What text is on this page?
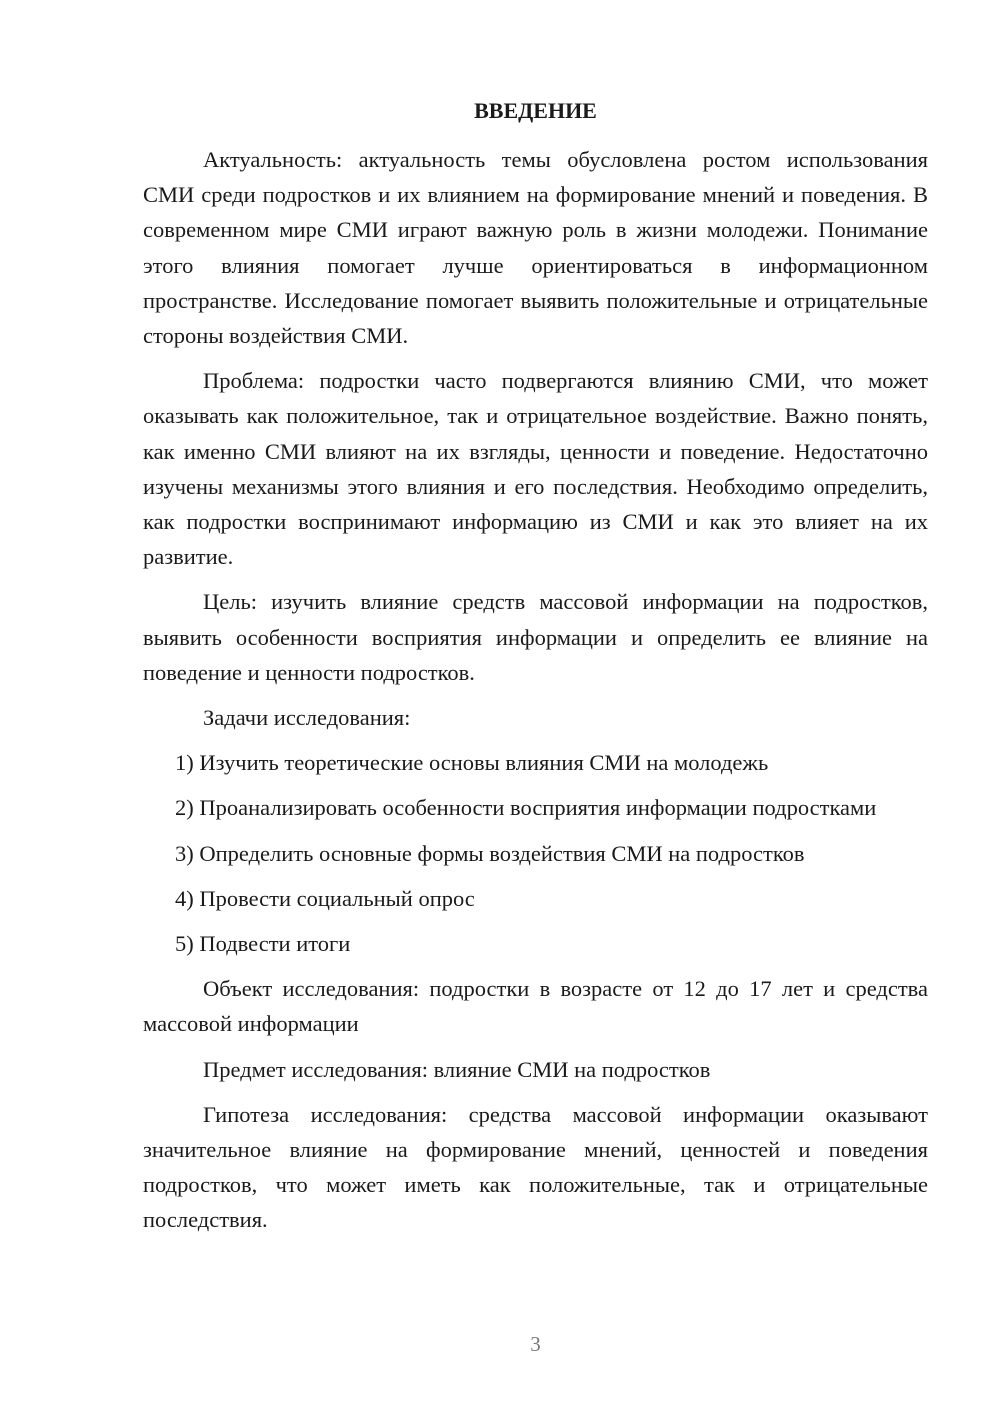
ВВЕДЕНИЕ

Актуальность: актуальность темы обусловлена ростом использования СМИ среди подростков и их влиянием на формирование мнений и поведения. В современном мире СМИ играют важную роль в жизни молодежи. Понимание этого влияния помогает лучше ориентироваться в информационном пространстве. Исследование помогает выявить положительные и отрицательные стороны воздействия СМИ.

Проблема: подростки часто подвергаются влиянию СМИ, что может оказывать как положительное, так и отрицательное воздействие. Важно понять, как именно СМИ влияют на их взгляды, ценности и поведение. Недостаточно изучены механизмы этого влияния и его последствия. Необходимо определить, как подростки воспринимают информацию из СМИ и как это влияет на их развитие.

Цель: изучить влияние средств массовой информации на подростков, выявить особенности восприятия информации и определить ее влияние на поведение и ценности подростков.

Задачи исследования:

1) Изучить теоретические основы влияния СМИ на молодежь

2) Проанализировать особенности восприятия информации подростками

3) Определить основные формы воздействия СМИ на подростков

4) Провести социальный опрос

5) Подвести итоги

Объект исследования: подростки в возрасте от 12 до 17 лет и средства массовой информации

Предмет исследования: влияние СМИ на подростков

Гипотеза исследования: средства массовой информации оказывают значительное влияние на формирование мнений, ценностей и поведения подростков, что может иметь как положительные, так и отрицательные последствия.

3
